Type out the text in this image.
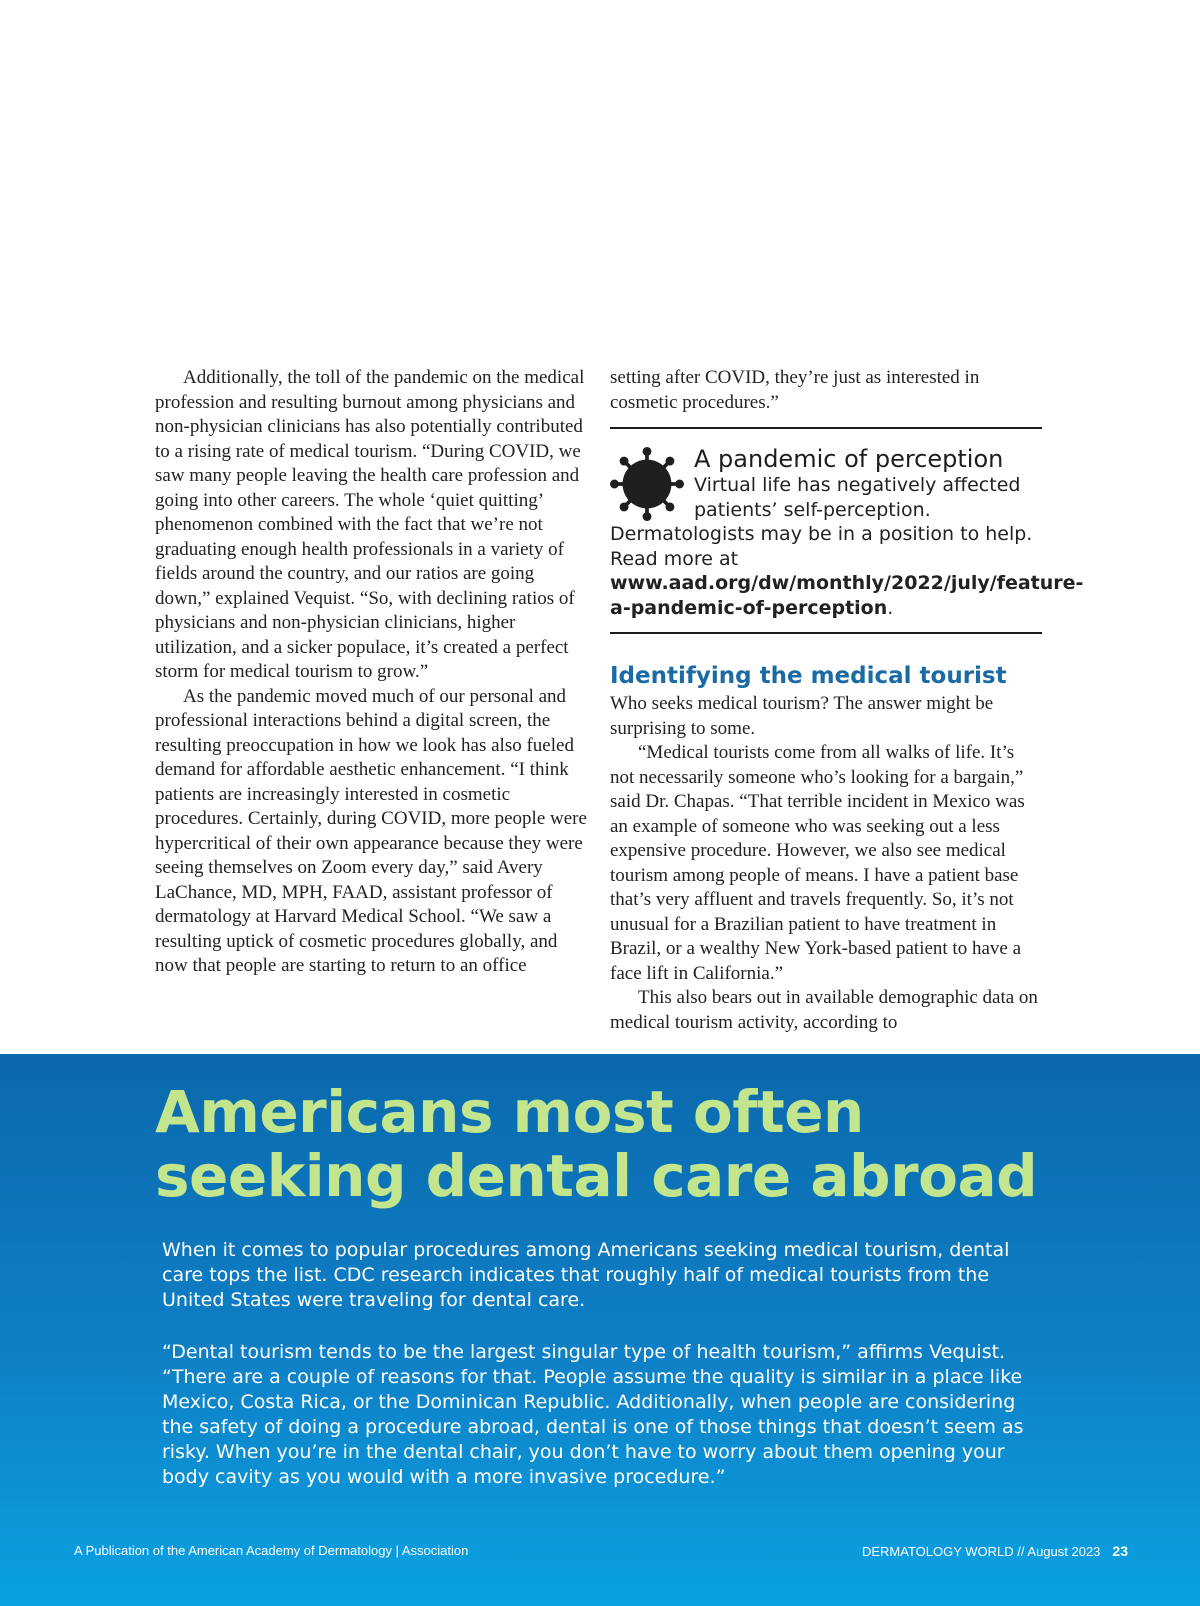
Additionally, the toll of the pandemic on the medical profession and resulting burnout among physicians and non-physician clinicians has also potentially contributed to a rising rate of medical tourism. “During COVID, we saw many people leaving the health care profession and going into other careers. The whole ‘quiet quitting’ phenomenon combined with the fact that we’re not graduating enough health professionals in a variety of fields around the country, and our ratios are going down,” explained Vequist. “So, with declining ratios of physicians and non-physician clinicians, higher utilization, and a sicker populace, it’s created a perfect storm for medical tourism to grow.”

As the pandemic moved much of our personal and professional interactions behind a digital screen, the resulting preoccupation in how we look has also fueled demand for affordable aesthetic enhancement. “I think patients are increasingly interested in cosmetic procedures. Certainly, during COVID, more people were hypercritical of their own appearance because they were seeing themselves on Zoom every day,” said Avery LaChance, MD, MPH, FAAD, assistant professor of dermatology at Harvard Medical School. “We saw a resulting uptick of cosmetic procedures globally, and now that people are starting to return to an office

setting after COVID, they’re just as interested in cosmetic procedures.”

A pandemic of perception

Virtual life has negatively affected patients’ self-perception. Dermatologists may be in a position to help. Read more at www.aad.org/dw/monthly/2022/july/feature-a-pandemic-of-perception.

Identifying the medical tourist

Who seeks medical tourism? The answer might be surprising to some.

“Medical tourists come from all walks of life. It’s not necessarily someone who’s looking for a bargain,” said Dr. Chapas. “That terrible incident in Mexico was an example of someone who was seeking out a less expensive procedure. However, we also see medical tourism among people of means. I have a patient base that’s very affluent and travels frequently. So, it’s not unusual for a Brazilian patient to have treatment in Brazil, or a wealthy New York-based patient to have a face lift in California.”

This also bears out in available demographic data on medical tourism activity, according to

Americans most often seeking dental care abroad

When it comes to popular procedures among Americans seeking medical tourism, dental care tops the list. CDC research indicates that roughly half of medical tourists from the United States were traveling for dental care.

“Dental tourism tends to be the largest singular type of health tourism,” affirms Vequist. “There are a couple of reasons for that. People assume the quality is similar in a place like Mexico, Costa Rica, or the Dominican Republic. Additionally, when people are considering the safety of doing a procedure abroad, dental is one of those things that doesn’t seem as risky. When you’re in the dental chair, you don’t have to worry about them opening your body cavity as you would with a more invasive procedure.”

A Publication of the American Academy of Dermatology | Association	DERMATOLOGY WORLD // August 2023 23
